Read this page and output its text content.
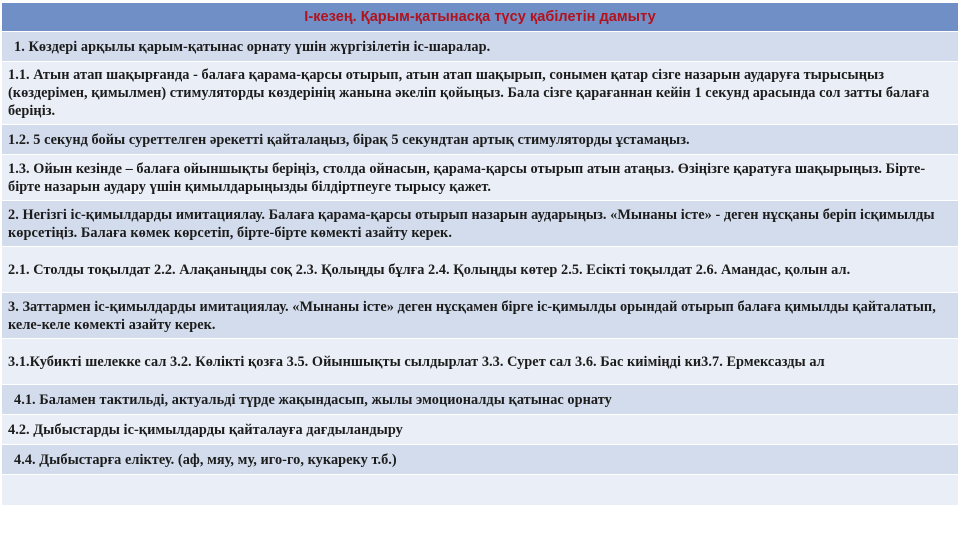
І-кезең. Қарым-қатынасқа түсу қабілетін дамыту
1. Көздері арқылы қарым-қатынас орнату үшін жүргізілетін іс-шаралар.
1.1. Атын атап шақырғанда - балаға қарама-қарсы отырып, атын атап шақырып, сонымен қатар сізге назарын аударуға тырысыңыз (көздерімен, қимылмен) стимуляторды көздерінің жанына әкеліп қойыңыз. Бала сізге қарағаннан кейін 1 секунд арасында сол затты балаға беріңіз.
1.2. 5 секунд бойы суреттелген әрекетті қайталаңыз, бірақ 5 секундтан артық стимуляторды ұстамаңыз.
1.3. Ойын кезінде – балаға ойыншықты беріңіз, столда ойнасын, қарама-қарсы отырып атын атаңыз. Өзіңізге қаратуға шақырыңыз. Бірте-бірте назарын аудару үшін қимылдарыңызды білдіртпеуге тырысу қажет.
2. Негізгі іс-қимылдарды имитациялау. Балаға қарама-қарсы отырып назарын аударыңыз. «Мынаны істе» - деген нұсқаны беріп ісқимылды көрсетіңіз. Балаға көмек көрсетіп, бірте-бірте көмекті азайту керек.
2.1. Столды тоқылдат 2.2. Алақаныңды соқ 2.3. Қолыңды бұлға 2.4. Қолыңды көтер 2.5. Есікті тоқылдат 2.6. Амандас, қолын ал.
3. Заттармен іс-қимылдарды имитациялау. «Мынаны істе» деген нұсқамен бірге іс-қимылды орындай отырып балаға қимылды қайталатып, келе-келе көмекті азайту керек.
3.1.Кубикті шелекке сал 3.2. Көлікті қозға 3.5. Ойыншықты сылдырлат 3.3. Сурет сал 3.6. Бас киіміңді ки3.7. Ермексазды ал
4.1. Баламен тактильді, актуальді түрде жақындасып, жылы эмоционалды қатынас орнату
4.2. Дыбыстарды іс-қимылдарды қайталауға дағдыландыру
4.4. Дыбыстарға еліктеу. (аф, мяу, му, иго-го, кукареку т.б.)
